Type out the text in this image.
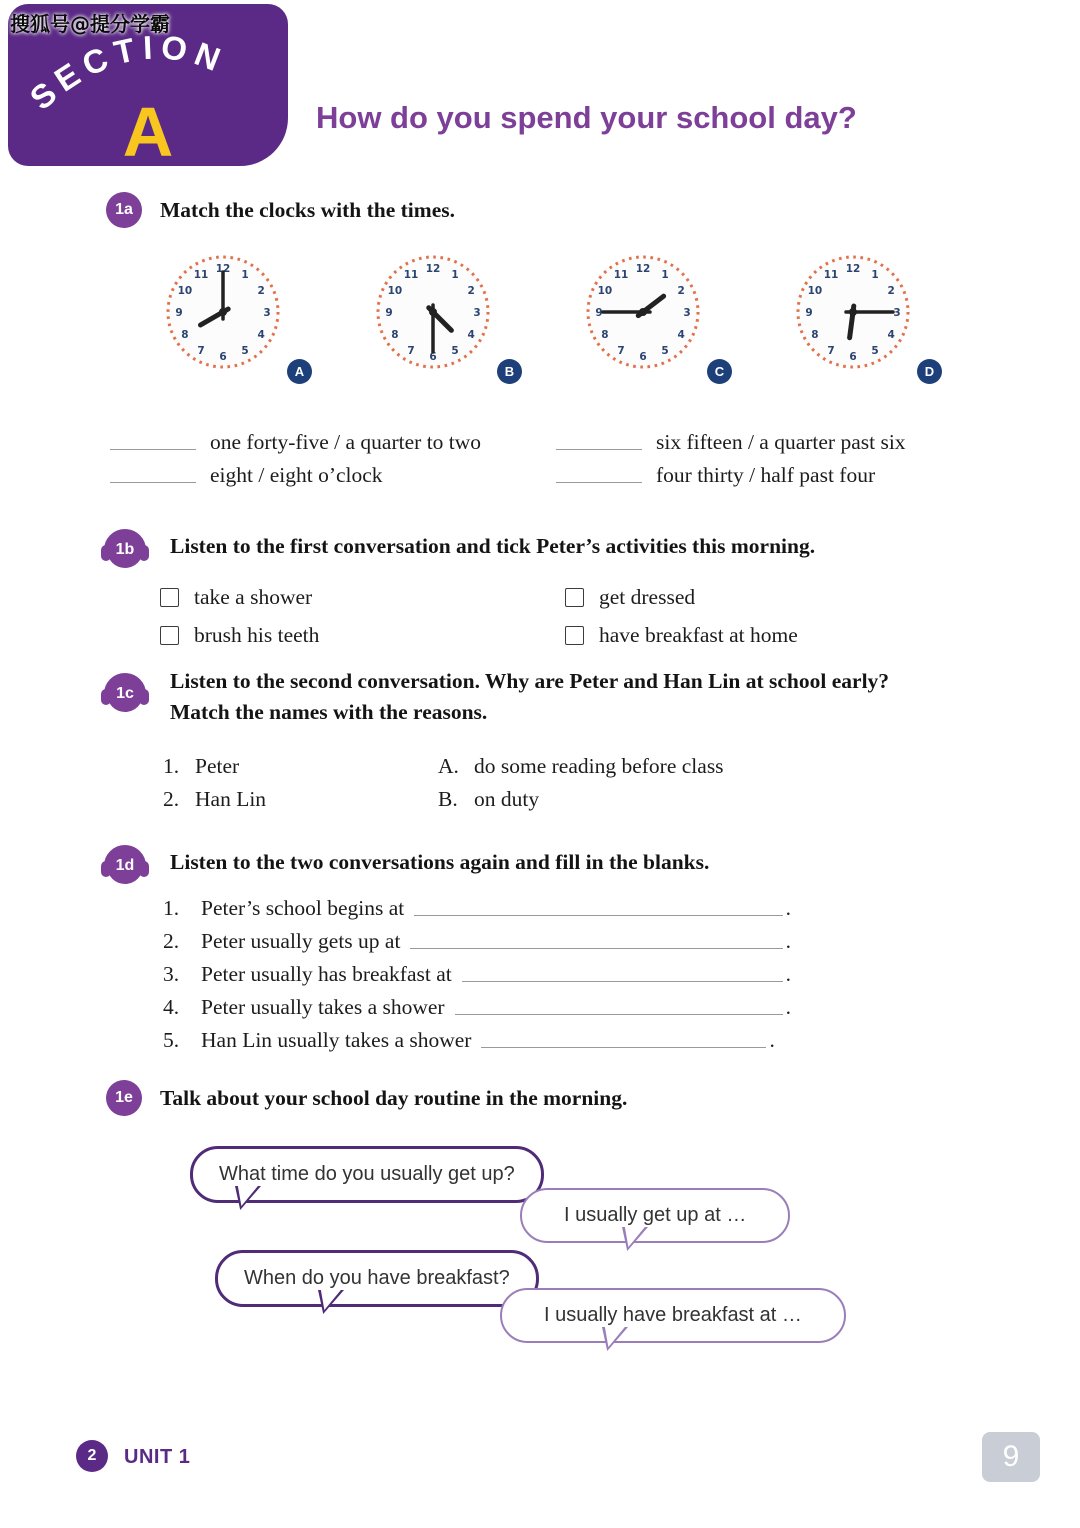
SECTION
A
搜狐号@提分学霸
How do you spend your school day?
1a	Match the clocks with the times.
1
2
3
4
5
6
7
8
9
10
11 12
A
1
2
3
4
5
6
7
8
9
10
11 12
B
1
2
3
4
5
6
7
8
9
10
11 12
C
1
2
3
4
5
6
7
8
9
10
11 12
D
one forty-five / a quarter to two	six fifteen / a quarter past six
eight / eight o’clock	four thirty / half past four
1b	Listen to the first conversation and tick Peter’s activities this morning.
take a shower	get dressed
brush his teeth	have breakfast at home
1c
Listen to the second conversation. Why are Peter and Han Lin at school early? Match the names with the reasons.
1. Peter	A. do some reading before class
2. Han Lin	B. on duty
1d	Listen to the two conversations again and fill in the blanks.
1.	Peter’s school begins at	.
2.	Peter usually gets up at	.
3.	Peter usually has breakfast at	.
4.	Peter usually takes a shower	.
5.	Han Lin usually takes a shower	.
1e	Talk about your school day routine in the morning.
What time do you usually get up?
I usually get up at …
When do you have breakfast?
I usually have breakfast at …
2	UNIT 1	9
